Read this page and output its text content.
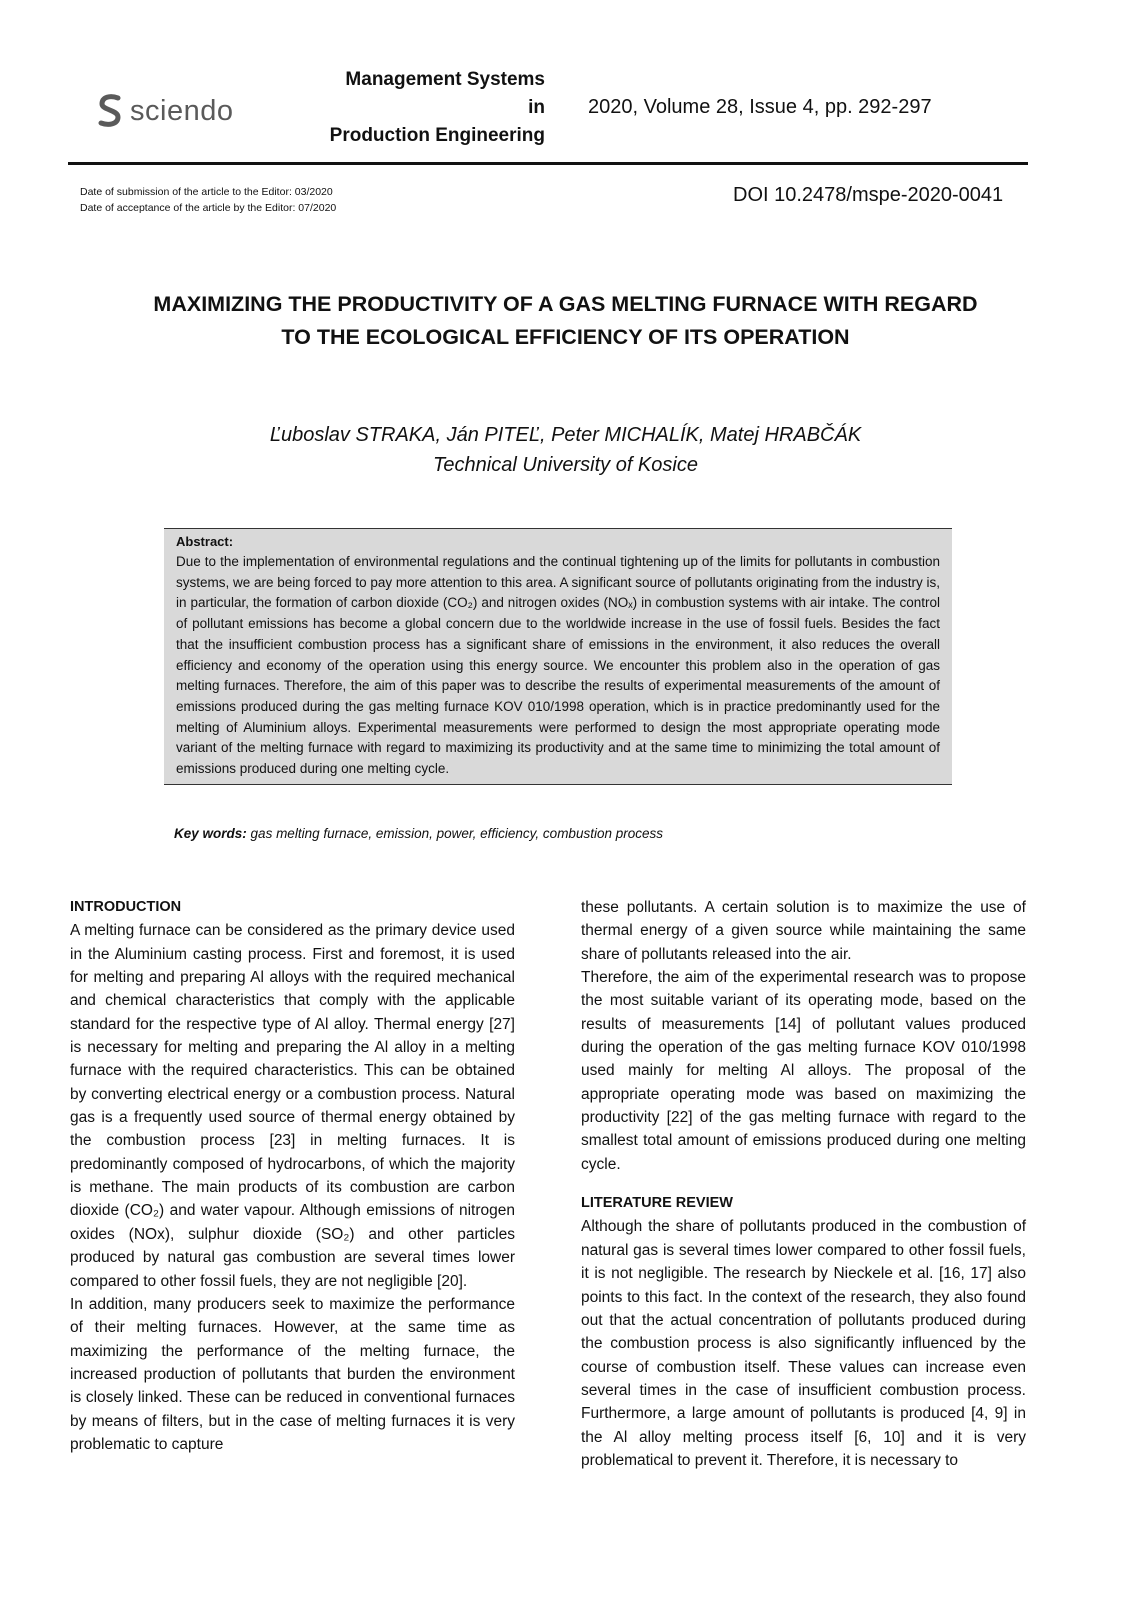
sciendo
Management Systems
in
Production Engineering
2020, Volume 28, Issue 4, pp. 292-297
Date of submission of the article to the Editor: 03/2020
Date of acceptance of the article by the Editor: 07/2020
DOI 10.2478/mspe-2020-0041
MAXIMIZING THE PRODUCTIVITY OF A GAS MELTING FURNACE WITH REGARD
TO THE ECOLOGICAL EFFICIENCY OF ITS OPERATION
Ľuboslav STRAKA, Ján PITEĽ, Peter MICHALÍK, Matej HRABČÁK
Technical University of Kosice
Abstract:
Due to the implementation of environmental regulations and the continual tightening up of the limits for pollutants in combustion systems, we are being forced to pay more attention to this area. A significant source of pollutants originating from the industry is, in particular, the formation of carbon dioxide (CO₂) and nitrogen oxides (NOₓ) in combustion systems with air intake. The control of pollutant emissions has become a global concern due to the worldwide increase in the use of fossil fuels. Besides the fact that the insufficient combustion process has a significant share of emissions in the environment, it also reduces the overall efficiency and economy of the operation using this energy source. We encounter this problem also in the operation of gas melting furnaces. Therefore, the aim of this paper was to describe the results of experimental measurements of the amount of emissions produced during the gas melting furnace KOV 010/1998 operation, which is in practice predominantly used for the melting of Aluminium alloys. Experimental measurements were performed to design the most appropriate operating mode variant of the melting furnace with regard to maximizing its productivity and at the same time to minimizing the total amount of emissions produced during one melting cycle.
Key words: gas melting furnace, emission, power, efficiency, combustion process
INTRODUCTION

A melting furnace can be considered as the primary device used in the Aluminium casting process. First and foremost, it is used for melting and preparing Al alloys with the required mechanical and chemical characteristics that comply with the applicable standard for the respective type of Al alloy. Thermal energy [27] is necessary for melting and preparing the Al alloy in a melting furnace with the required characteristics. This can be obtained by converting electrical energy or a combustion process. Natural gas is a frequently used source of thermal energy obtained by the combustion process [23] in melting furnaces. It is predominantly composed of hydrocarbons, of which the majority is methane. The main products of its combustion are carbon dioxide (CO₂) and water vapour. Although emissions of nitrogen oxides (NOx), sulphur dioxide (SO₂) and other particles produced by natural gas combustion are several times lower compared to other fossil fuels, they are not negligible [20].

In addition, many producers seek to maximize the performance of their melting furnaces. However, at the same time as maximizing the performance of the melting furnace, the increased production of pollutants that burden the environment is closely linked. These can be reduced in conventional furnaces by means of filters, but in the case of melting furnaces it is very problematic to capture

these pollutants. A certain solution is to maximize the use of thermal energy of a given source while maintaining the same share of pollutants released into the air.

Therefore, the aim of the experimental research was to propose the most suitable variant of its operating mode, based on the results of measurements [14] of pollutant values produced during the operation of the gas melting furnace KOV 010/1998 used mainly for melting Al alloys. The proposal of the appropriate operating mode was based on maximizing the productivity [22] of the gas melting furnace with regard to the smallest total amount of emissions produced during one melting cycle.

LITERATURE REVIEW

Although the share of pollutants produced in the combustion of natural gas is several times lower compared to other fossil fuels, it is not negligible. The research by Nieckele et al. [16, 17] also points to this fact. In the context of the research, they also found out that the actual concentration of pollutants produced during the combustion process is also significantly influenced by the course of combustion itself. These values can increase even several times in the case of insufficient combustion process. Furthermore, a large amount of pollutants is produced [4, 9] in the Al alloy melting process itself [6, 10] and it is very problematical to prevent it. Therefore, it is necessary to
